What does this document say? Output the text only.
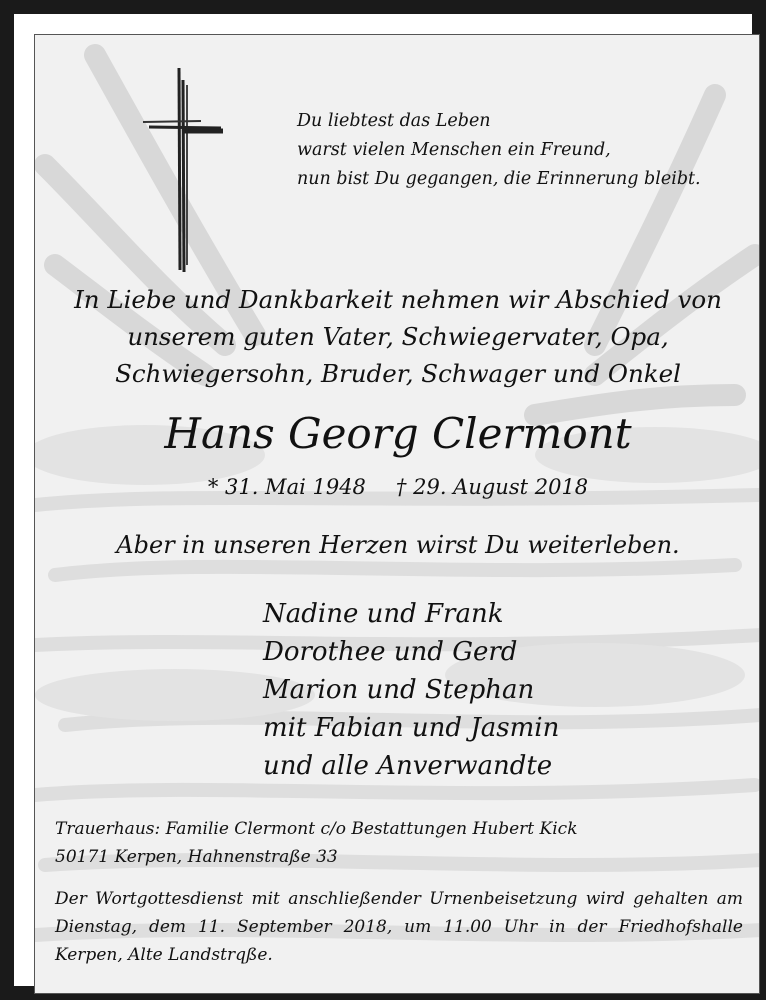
Du liebtest das Leben
warst vielen Menschen ein Freund,
nun bist Du gegangen, die Erinnerung bleibt.
In Liebe und Dankbarkeit nehmen wir Abschied von
unserem guten Vater, Schwiegervater, Opa,
Schwiegersohn, Bruder, Schwager und Onkel
Hans Georg Clermont
* 31. Mai 1948 † 29. August 2018
Aber in unseren Herzen wirst Du weiterleben.
Nadine und Frank
Dorothee und Gerd
Marion und Stephan
mit Fabian und Jasmin
und alle Anverwandte
Trauerhaus: Familie Clermont c/o Bestattungen Hubert Kick
50171 Kerpen, Hahnenstraße 33
Der Wortgottesdienst mit anschließender Urnenbeisetzung wird gehalten am Dienstag, dem 11. September 2018, um 11.00 Uhr in der Friedhofshalle Kerpen, Alte Landstrqße.
